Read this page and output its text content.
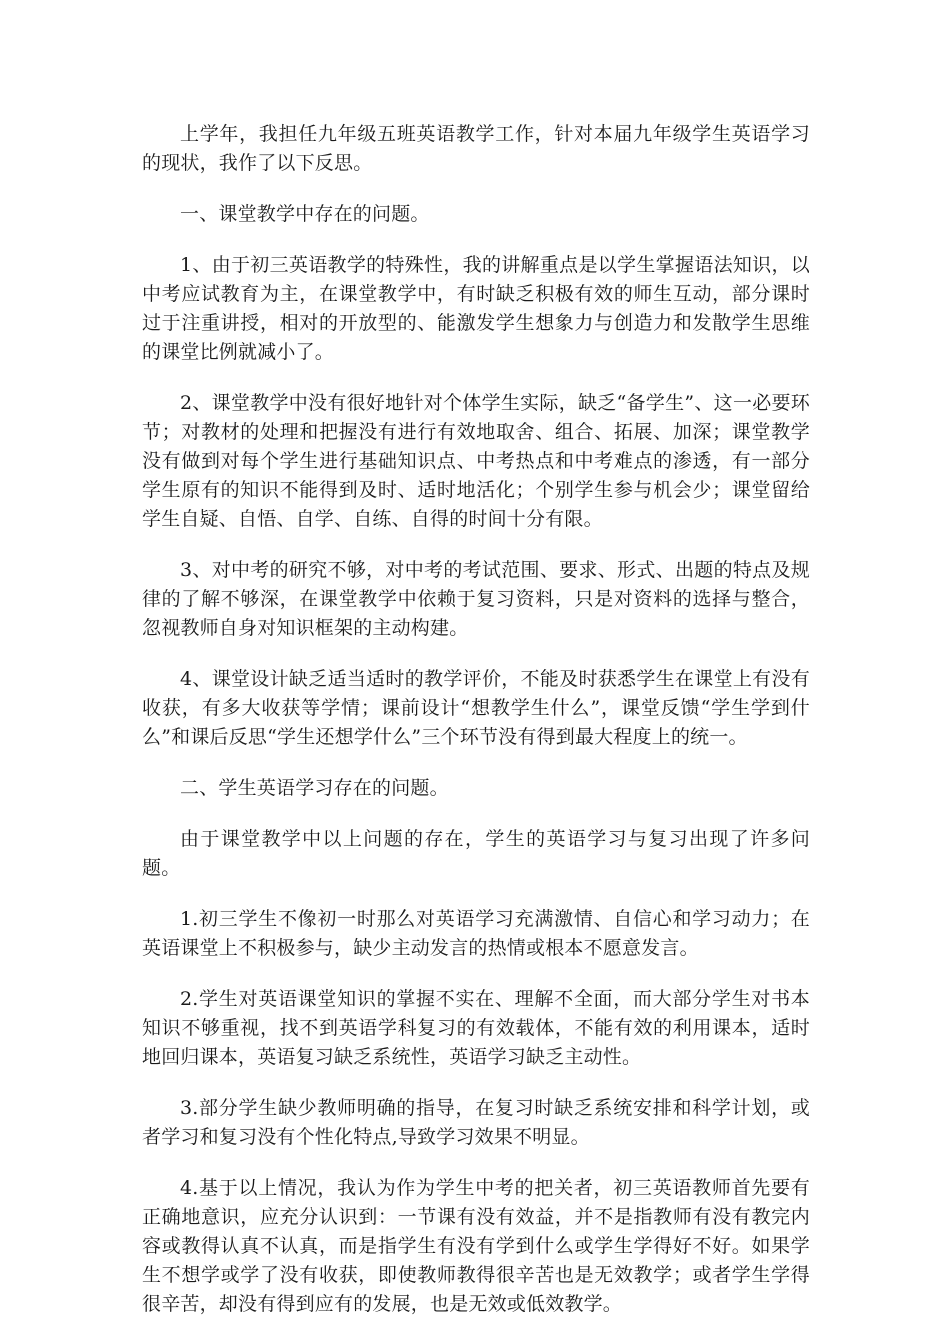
上学年，我担任九年级五班英语教学工作，针对本届九年级学生英语学习的现状，我作了以下反思。

一、课堂教学中存在的问题。

1、由于初三英语教学的特殊性，我的讲解重点是以学生掌握语法知识，以中考应试教育为主，在课堂教学中，有时缺乏积极有效的师生互动，部分课时过于注重讲授，相对的开放型的、能激发学生想象力与创造力和发散学生思维的课堂比例就减小了。

2、课堂教学中没有很好地针对个体学生实际，缺乏“备学生”、这一必要环节；对教材的处理和把握没有进行有效地取舍、组合、拓展、加深；课堂教学没有做到对每个学生进行基础知识点、中考热点和中考难点的渗透，有一部分学生原有的知识不能得到及时、适时地活化；个别学生参与机会少；课堂留给学生自疑、自悟、自学、自练、自得的时间十分有限。

3、对中考的研究不够，对中考的考试范围、要求、形式、出题的特点及规律的了解不够深，在课堂教学中依赖于复习资料，只是对资料的选择与整合，忽视教师自身对知识框架的主动构建。

4、课堂设计缺乏适当适时的教学评价，不能及时获悉学生在课堂上有没有收获，有多大收获等学情；课前设计“想教学生什么”，课堂反馈“学生学到什么”和课后反思“学生还想学什么”三个环节没有得到最大程度上的统一。

二、学生英语学习存在的问题。

由于课堂教学中以上问题的存在，学生的英语学习与复习出现了许多问题。

1.初三学生不像初一时那么对英语学习充满激情、自信心和学习动力；在英语课堂上不积极参与，缺少主动发言的热情或根本不愿意发言。

2.学生对英语课堂知识的掌握不实在、理解不全面，而大部分学生对书本知识不够重视，找不到英语学科复习的有效载体，不能有效的利用课本，适时地回归课本，英语复习缺乏系统性，英语学习缺乏主动性。

3.部分学生缺少教师明确的指导，在复习时缺乏系统安排和科学计划，或者学习和复习没有个性化特点,导致学习效果不明显。

4.基于以上情况，我认为作为学生中考的把关者，初三英语教师首先要有正确地意识，应充分认识到：一节课有没有效益，并不是指教师有没有教完内容或教得认真不认真，而是指学生有没有学到什么或学生学得好不好。如果学生不想学或学了没有收获，即使教师教得很辛苦也是无效教学；或者学生学得很辛苦，却没有得到应有的发展，也是无效或低效教学。
